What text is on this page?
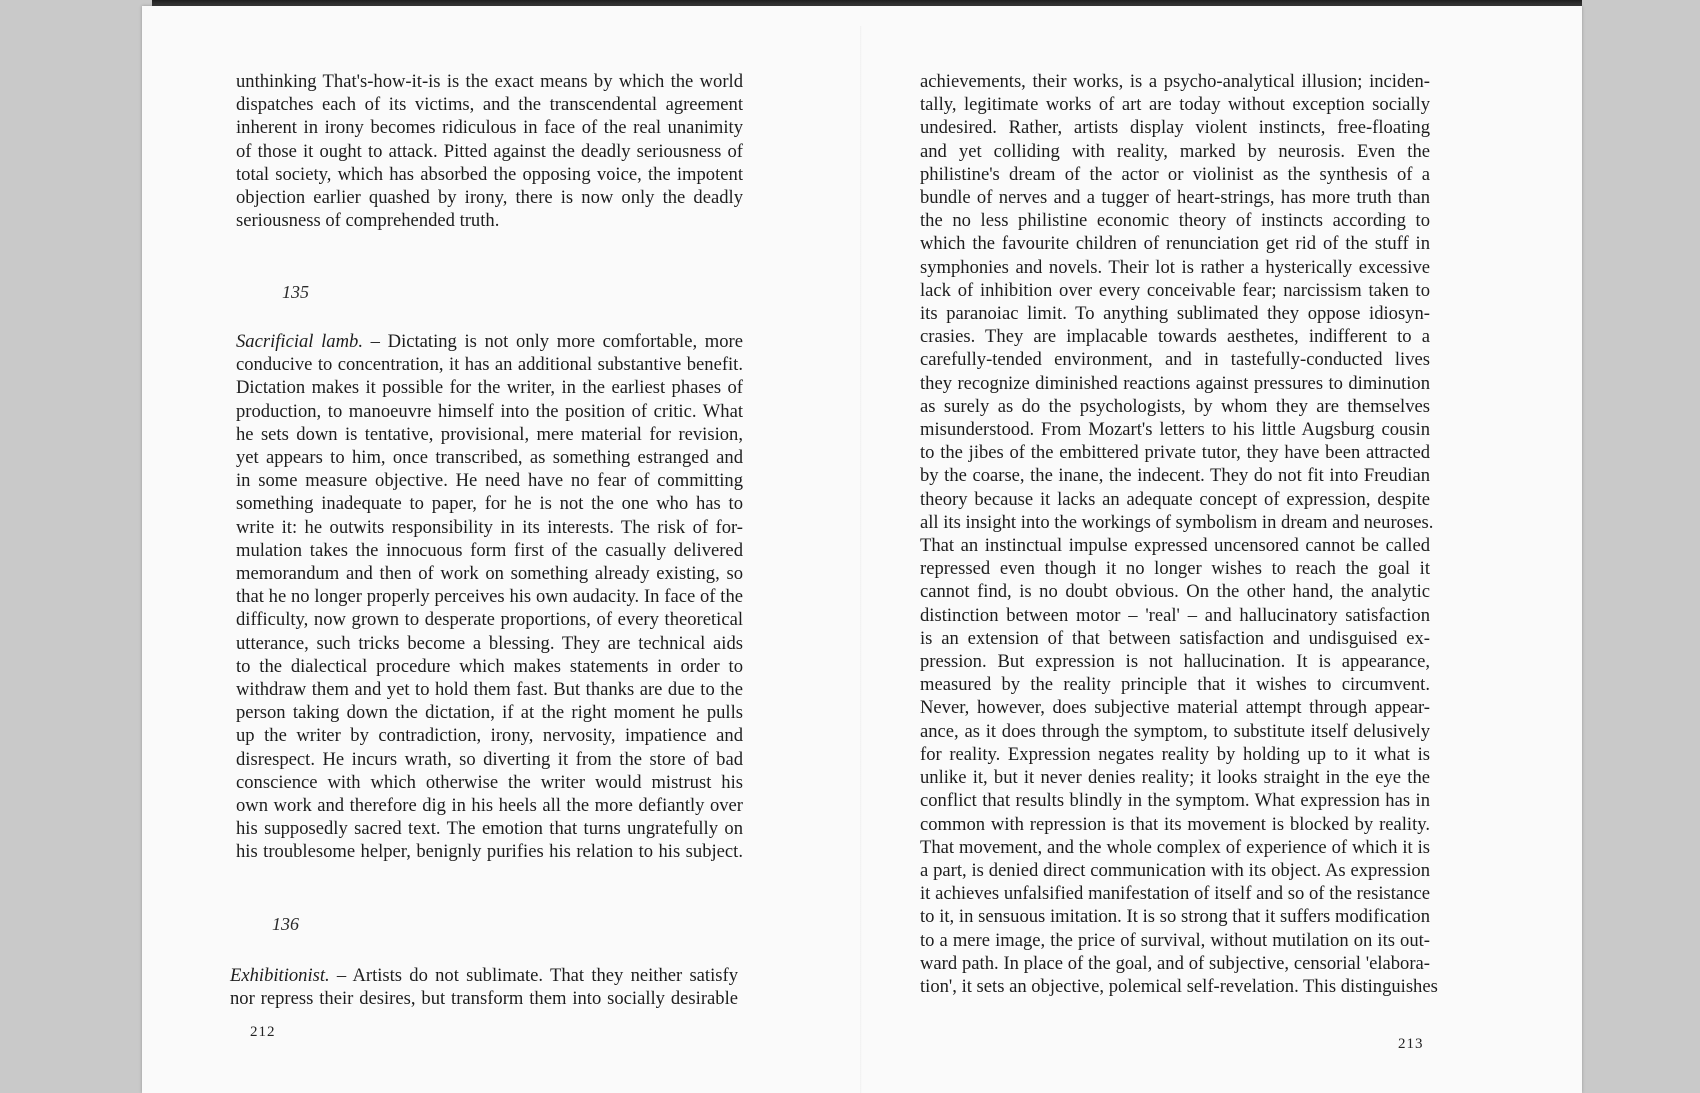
unthinking That's-how-it-is is the exact means by which the world

dispatches each of its victims, and the transcendental agreement

inherent in irony becomes ridiculous in face of the real unanimity

of those it ought to attack. Pitted against the deadly seriousness of

total society, which has absorbed the opposing voice, the impotent

objection earlier quashed by irony, there is now only the deadly

seriousness of comprehended truth.

135

Sacrificial lamb. – Dictating is not only more comfortable, more

conducive to concentration, it has an additional substantive benefit.

Dictation makes it possible for the writer, in the earliest phases of

production, to manoeuvre himself into the position of critic. What

he sets down is tentative, provisional, mere material for revision,

yet appears to him, once transcribed, as something estranged and

in some measure objective. He need have no fear of committing

something inadequate to paper, for he is not the one who has to

write it: he outwits responsibility in its interests. The risk of for-

mulation takes the innocuous form first of the casually delivered

memorandum and then of work on something already existing, so

that he no longer properly perceives his own audacity. In face of the

difficulty, now grown to desperate proportions, of every theoretical

utterance, such tricks become a blessing. They are technical aids

to the dialectical procedure which makes statements in order to

withdraw them and yet to hold them fast. But thanks are due to the

person taking down the dictation, if at the right moment he pulls

up the writer by contradiction, irony, nervosity, impatience and

disrespect. He incurs wrath, so diverting it from the store of bad

conscience with which otherwise the writer would mistrust his

own work and therefore dig in his heels all the more defiantly over

his supposedly sacred text. The emotion that turns ungratefully on

his troublesome helper, benignly purifies his relation to his subject.

136

Exhibitionist. – Artists do not sublimate. That they neither satisfy

nor repress their desires, but transform them into socially desirable

212

achievements, their works, is a psycho-analytical illusion; inciden-

tally, legitimate works of art are today without exception socially

undesired. Rather, artists display violent instincts, free-floating

and yet colliding with reality, marked by neurosis. Even the

philistine's dream of the actor or violinist as the synthesis of a

bundle of nerves and a tugger of heart-strings, has more truth than

the no less philistine economic theory of instincts according to

which the favourite children of renunciation get rid of the stuff in

symphonies and novels. Their lot is rather a hysterically excessive

lack of inhibition over every conceivable fear; narcissism taken to

its paranoiac limit. To anything sublimated they oppose idiosyn-

crasies. They are implacable towards aesthetes, indifferent to a

carefully-tended environment, and in tastefully-conducted lives

they recognize diminished reactions against pressures to diminution

as surely as do the psychologists, by whom they are themselves

misunderstood. From Mozart's letters to his little Augsburg cousin

to the jibes of the embittered private tutor, they have been attracted

by the coarse, the inane, the indecent. They do not fit into Freudian

theory because it lacks an adequate concept of expression, despite

all its insight into the workings of symbolism in dream and neuroses.

That an instinctual impulse expressed uncensored cannot be called

repressed even though it no longer wishes to reach the goal it

cannot find, is no doubt obvious. On the other hand, the analytic

distinction between motor – 'real' – and hallucinatory satisfaction

is an extension of that between satisfaction and undisguised ex-

pression. But expression is not hallucination. It is appearance,

measured by the reality principle that it wishes to circumvent.

Never, however, does subjective material attempt through appear-

ance, as it does through the symptom, to substitute itself delusively

for reality. Expression negates reality by holding up to it what is

unlike it, but it never denies reality; it looks straight in the eye the

conflict that results blindly in the symptom. What expression has in

common with repression is that its movement is blocked by reality.

That movement, and the whole complex of experience of which it is

a part, is denied direct communication with its object. As expression

it achieves unfalsified manifestation of itself and so of the resistance

to it, in sensuous imitation. It is so strong that it suffers modification

to a mere image, the price of survival, without mutilation on its out-

ward path. In place of the goal, and of subjective, censorial 'elabora-

tion', it sets an objective, polemical self-revelation. This distinguishes

213
